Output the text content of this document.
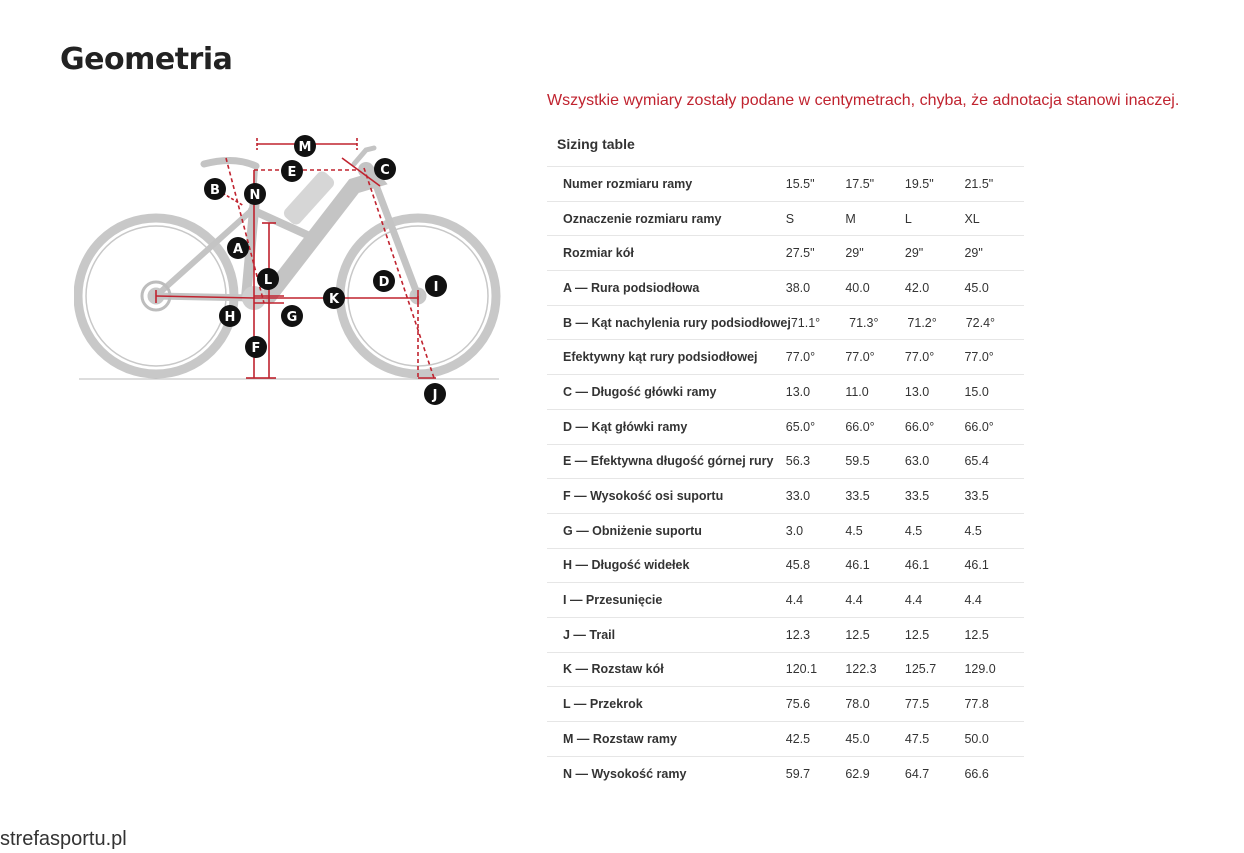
Geometria
M
E	C
B N
A
L	D	I
K
H	G
F
J
Wszystkie wymiary zostały podane w centymetrach, chyba, że adnotacja stanowi inaczej.
Sizing table
Numer rozmiaru ramy	15.5"	17.5"	19.5"	21.5"
Oznaczenie rozmiaru ramy	S	M	L	XL
Rozmiar kół	27.5"	29"	29"	29"
A — Rura podsiodłowa	38.0	40.0	42.0	45.0
B — Kąt nachylenia rury podsiodłowej 71.1°	71.3°	71.2°	72.4°
Efektywny kąt rury podsiodłowej	77.0°	77.0°	77.0°	77.0°
C — Długość główki ramy	13.0	11.0	13.0	15.0
D — Kąt główki ramy	65.0°	66.0°	66.0°	66.0°
E — Efektywna długość górnej rury 56.3	59.5	63.0	65.4
F — Wysokość osi suportu	33.0	33.5	33.5	33.5
G — Obniżenie suportu	3.0	4.5	4.5	4.5
H — Długość widełek	45.8	46.1	46.1	46.1
I — Przesunięcie	4.4	4.4	4.4	4.4
J — Trail	12.3	12.5	12.5	12.5
K — Rozstaw kół	120.1	122.3	125.7	129.0
L — Przekrok	75.6	78.0	77.5	77.8
M — Rozstaw ramy	42.5	45.0	47.5	50.0
N — Wysokość ramy	59.7	62.9	64.7	66.6
strefasportu.pl
